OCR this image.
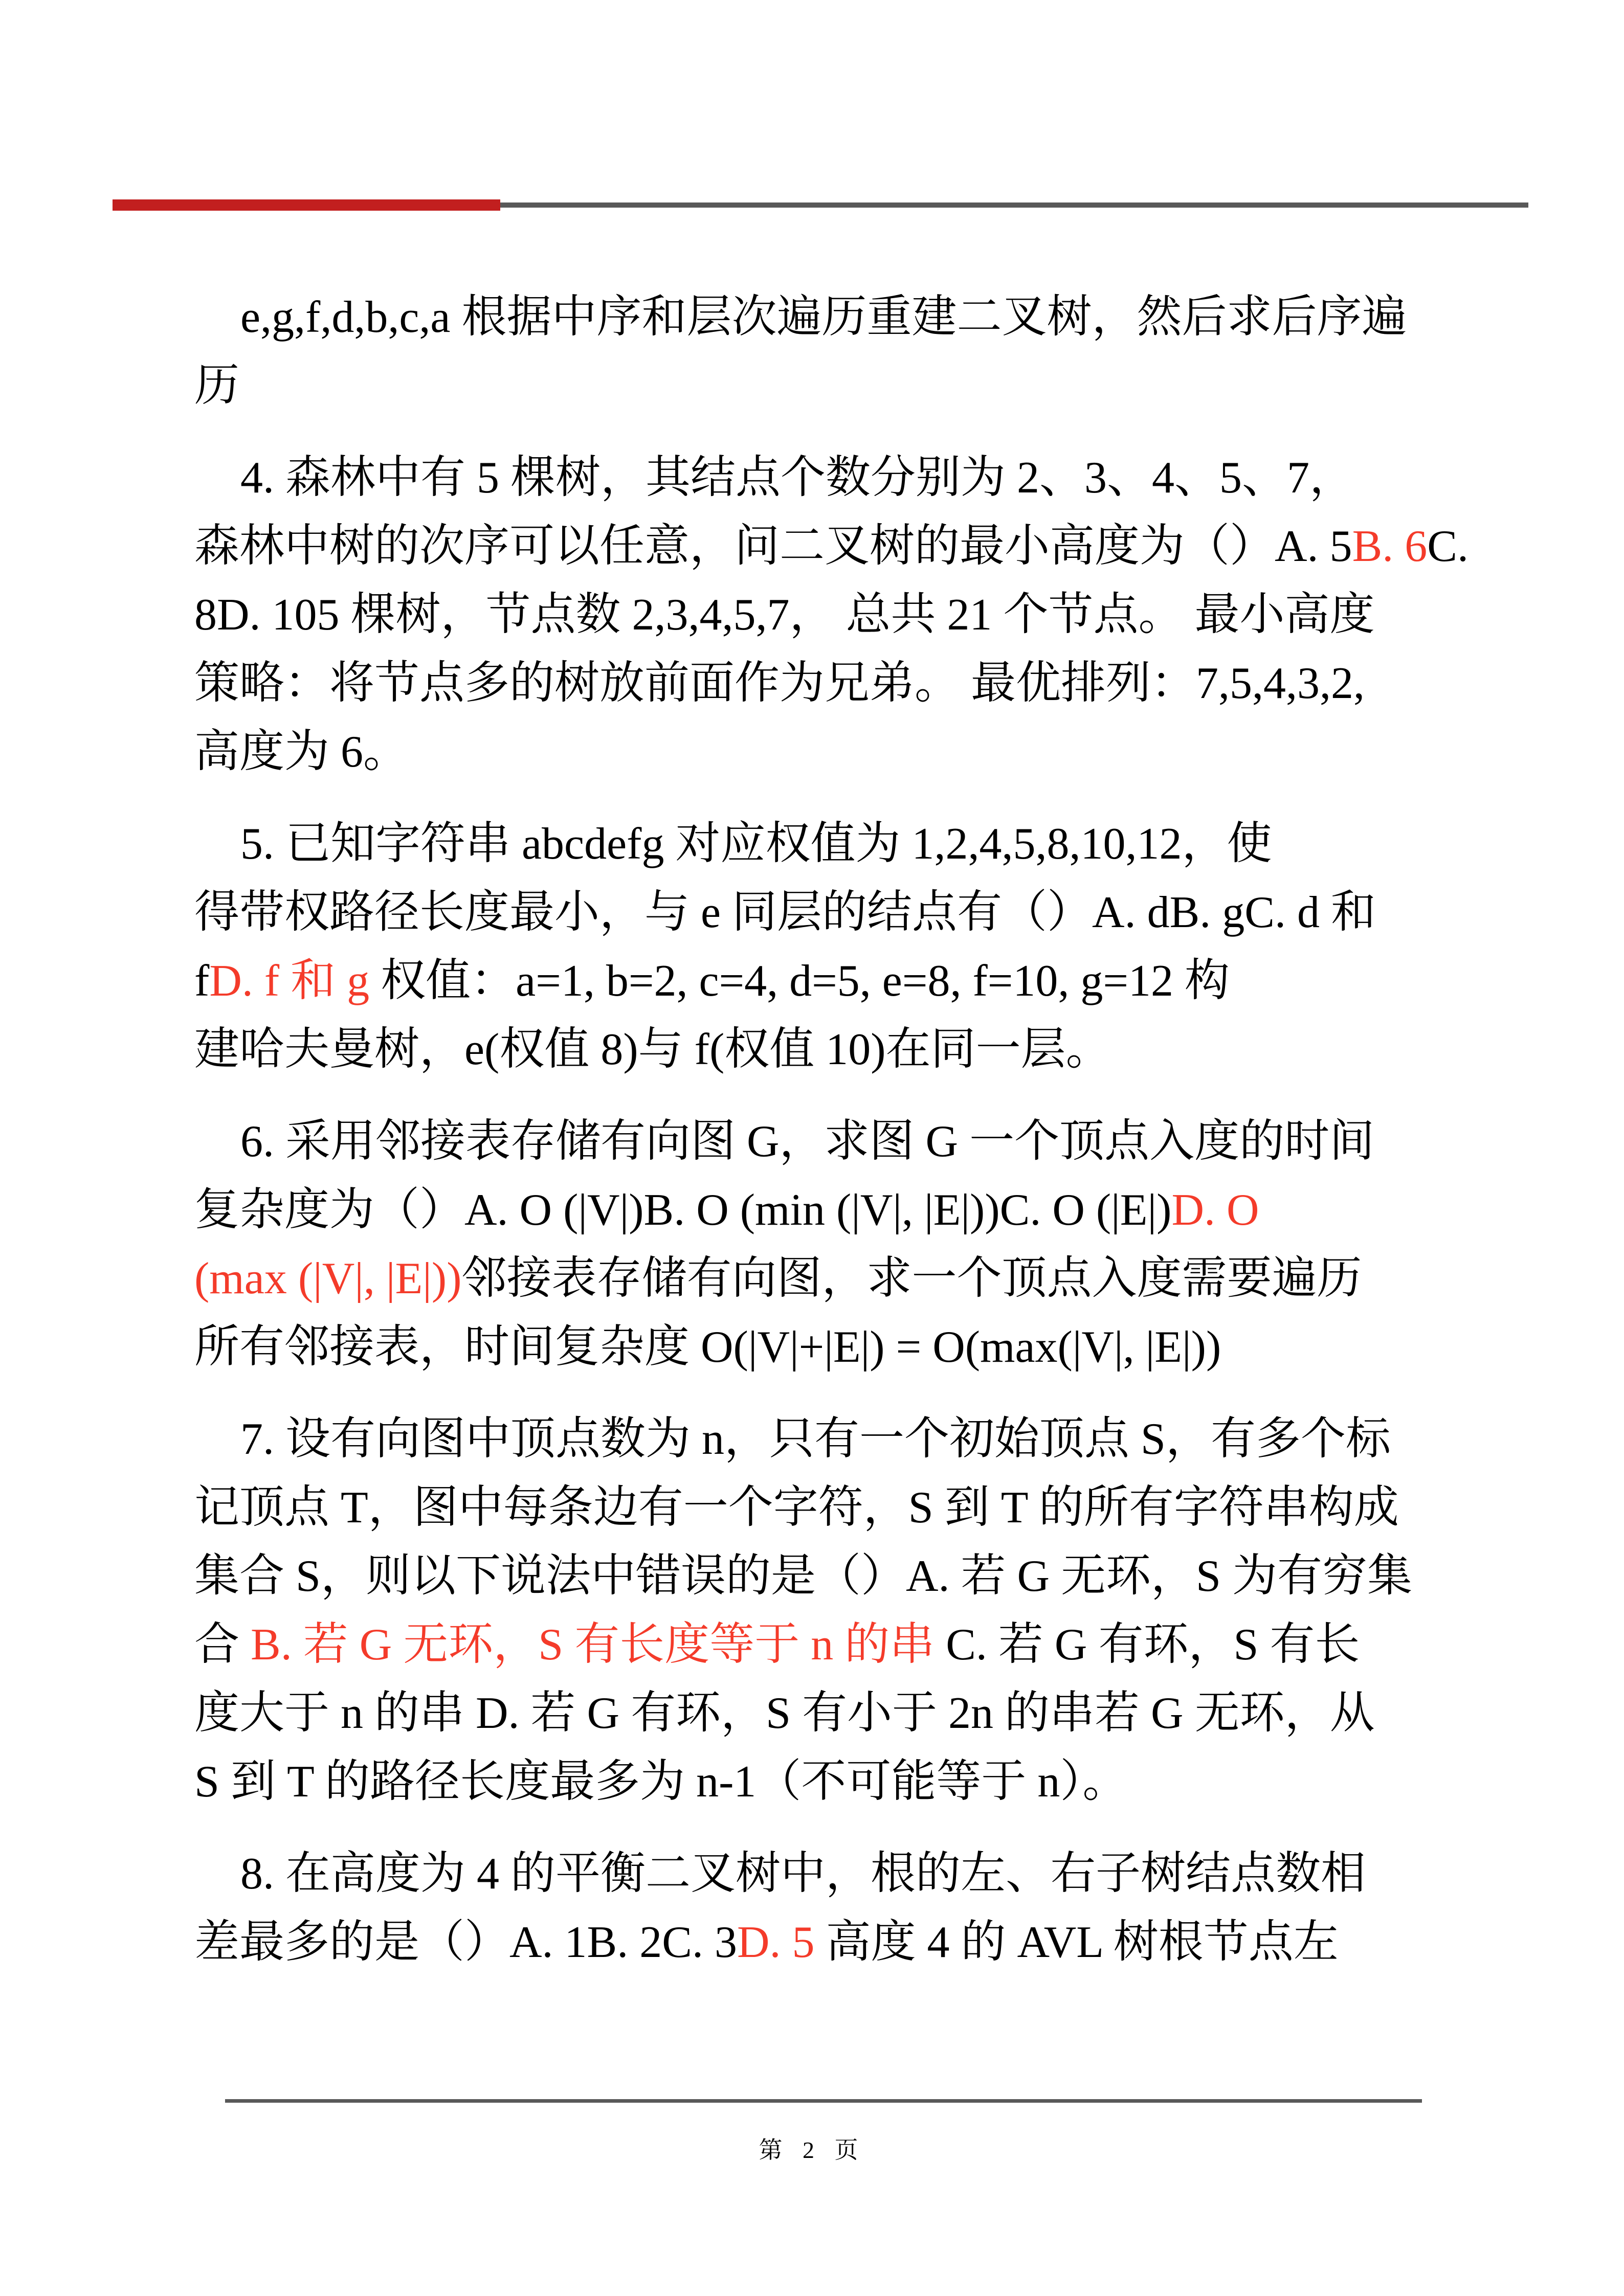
e,g,f,d,b,c,a 根据中序和层次遍历重建二叉树，然后求后序遍
历
4. 森林中有 5 棵树，其结点个数分别为 2、3、4、5、7，
森林中树的次序可以任意，问二叉树的最小高度为（）A. 5B. 6C.
8D. 105 棵树，节点数 2,3,4,5,7， 总共 21 个节点。 最小高度
策略：将节点多的树放前面作为兄弟。 最优排列：7,5,4,3,2,
高度为 6。
5. 已知字符串 abcdefg 对应权值为 1,2,4,5,8,10,12，使
得带权路径长度最小，与 e 同层的结点有（）A. dB. gC. d 和
fD. f 和 g 权值：a=1, b=2, c=4, d=5, e=8, f=10, g=12 构
建哈夫曼树，e(权值 8)与 f(权值 10)在同一层。
6. 采用邻接表存储有向图 G，求图 G 一个顶点入度的时间
复杂度为（）A. O (|V|)B. O (min (|V|, |E|))C. O (|E|)D. O
(max (|V|, |E|))邻接表存储有向图，求一个顶点入度需要遍历
所有邻接表，时间复杂度 O(|V|+|E|) = O(max(|V|, |E|))
7. 设有向图中顶点数为 n，只有一个初始顶点 S，有多个标
记顶点 T，图中每条边有一个字符，S 到 T 的所有字符串构成
集合 S，则以下说法中错误的是（）A. 若 G 无环，S 为有穷集
合 B. 若 G 无环，S 有长度等于 n 的串 C. 若 G 有环，S 有长
度大于 n 的串 D. 若 G 有环，S 有小于 2n 的串若 G 无环，从
S 到 T 的路径长度最多为 n-1（不可能等于 n）。
8. 在高度为 4 的平衡二叉树中，根的左、右子树结点数相
差最多的是（）A. 1B. 2C. 3D. 5 高度 4 的 AVL 树根节点左
第 2 页
